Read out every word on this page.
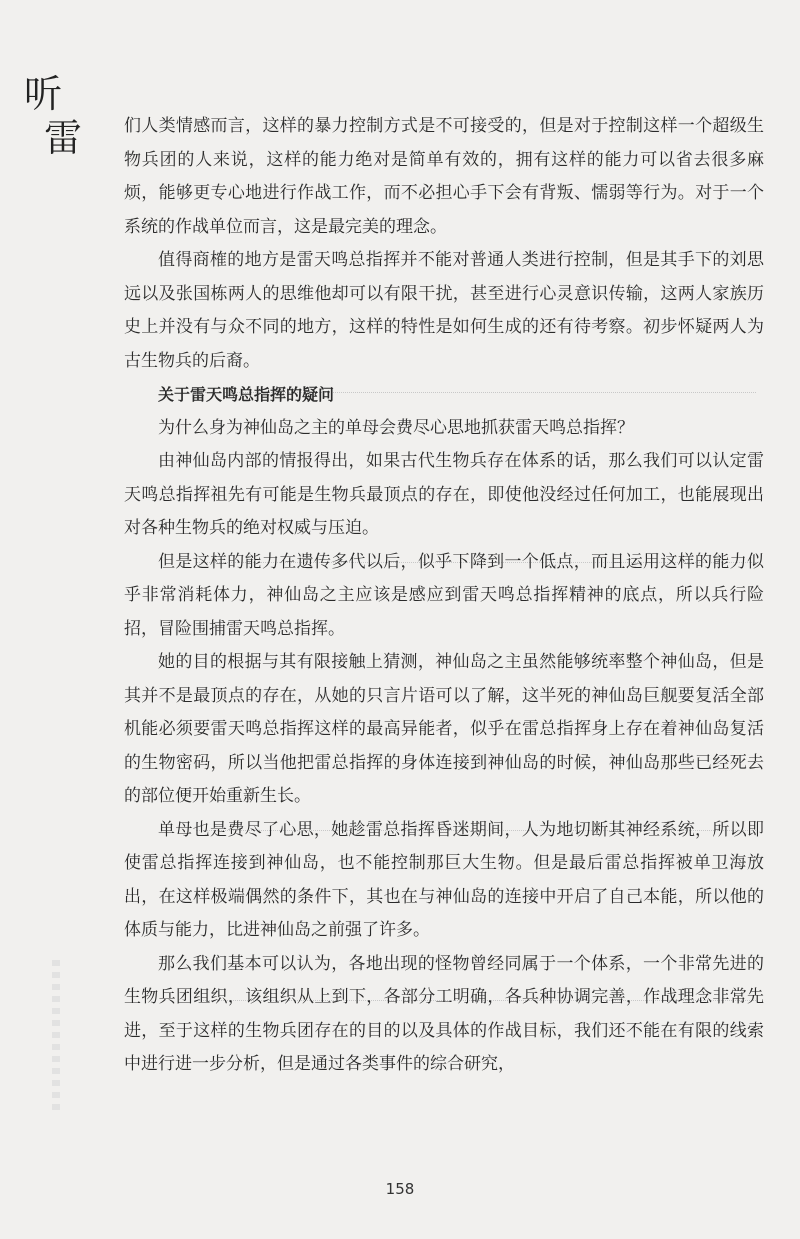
听
雷 们人类情感而言，这样的暴力控制方式是不可接受的，但是对于控制这样一个超级生物兵团的人来说，这样的能力绝对是简单有效的，拥有这样的能力可以省去很多麻烦，能够更专心地进行作战工作，而不必担心手下会有背叛、懦弱等行为。对于一个系统的作战单位而言，这是最完美的理念。

值得商榷的地方是雷天鸣总指挥并不能对普通人类进行控制，但是其手下的刘思远以及张国栋两人的思维他却可以有限干扰，甚至进行心灵意识传输，这两人家族历史上并没有与众不同的地方，这样的特性是如何生成的还有待考察。初步怀疑两人为古生物兵的后裔。

关于雷天鸣总指挥的疑问

为什么身为神仙岛之主的单母会费尽心思地抓获雷天鸣总指挥？

由神仙岛内部的情报得出，如果古代生物兵存在体系的话，那么我们可以认定雷天鸣总指挥祖先有可能是生物兵最顶点的存在，即使他没经过任何加工，也能展现出对各种生物兵的绝对权威与压迫。

但是这样的能力在遗传多代以后，似乎下降到一个低点，而且运用这样的能力似乎非常消耗体力，神仙岛之主应该是感应到雷天鸣总指挥精神的底点，所以兵行险招，冒险围捕雷天鸣总指挥。

她的目的根据与其有限接触上猜测，神仙岛之主虽然能够统率整个神仙岛，但是其并不是最顶点的存在，从她的只言片语可以了解，这半死的神仙岛巨舰要复活全部机能必须要雷天鸣总指挥这样的最高异能者，似乎在雷总指挥身上存在着神仙岛复活的生物密码，所以当他把雷总指挥的身体连接到神仙岛的时候，神仙岛那些已经死去的部位便开始重新生长。

单母也是费尽了心思，她趁雷总指挥昏迷期间，人为地切断其神经系统，所以即使雷总指挥连接到神仙岛，也不能控制那巨大生物。但是最后雷总指挥被单卫海放出，在这样极端偶然的条件下，其也在与神仙岛的连接中开启了自己本能，所以他的体质与能力，比进神仙岛之前强了许多。

那么我们基本可以认为，各地出现的怪物曾经同属于一个体系，一个非常先进的生物兵团组织，该组织从上到下，各部分工明确，各兵种协调完善，作战理念非常先进，至于这样的生物兵团存在的目的以及具体的作战目标，我们还不能在有限的线索中进行进一步分析，但是通过各类事件的综合研究，

158
